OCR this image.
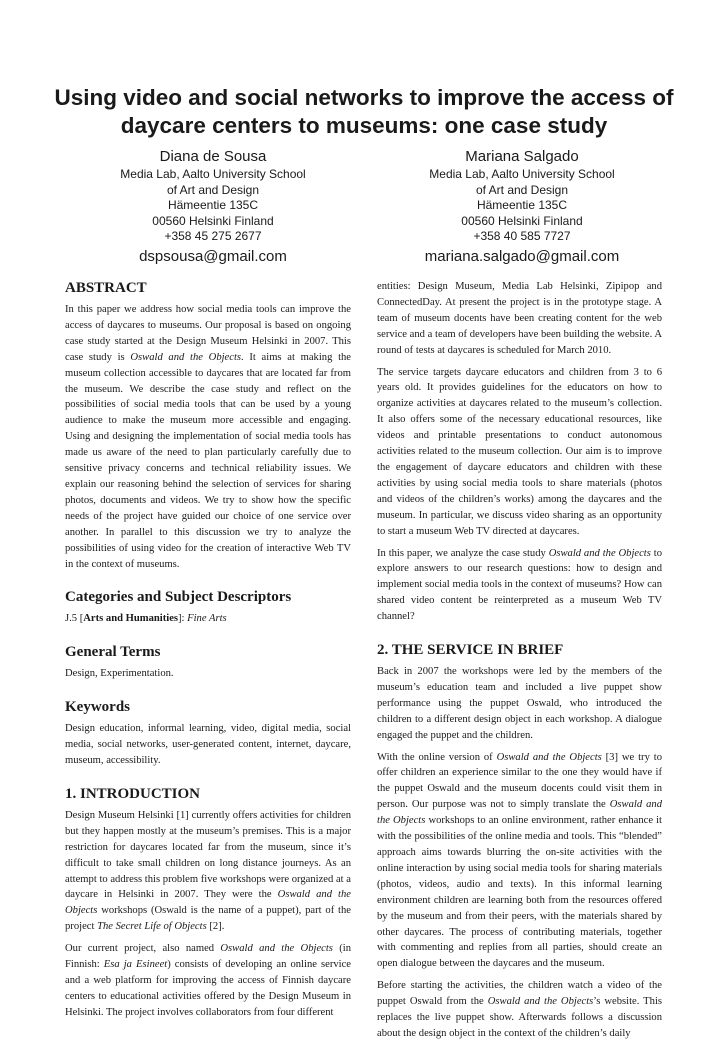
Using video and social networks to improve the access of daycare centers to museums: one case study

Diana de Sousa

Media Lab, Aalto University School

of Art and Design

Hämeentie 135C

00560 Helsinki Finland

+358 45 275 2677

dspsousa@gmail.com

Mariana Salgado

Media Lab, Aalto University School

of Art and Design

Hämeentie 135C

00560 Helsinki Finland

+358 40 585 7727

mariana.salgado@gmail.com

ABSTRACT

In this paper we address how social media tools can improve the access of daycares to museums. Our proposal is based on ongoing case study started at the Design Museum Helsinki in 2007. This case study is Oswald and the Objects. It aims at making the museum collection accessible to daycares that are located far from the museum. We describe the case study and reflect on the possibilities of social media tools that can be used by a young audience to make the museum more accessible and engaging. Using and designing the implementation of social media tools has made us aware of the need to plan particularly carefully due to sensitive privacy concerns and technical reliability issues. We explain our reasoning behind the selection of services for sharing photos, documents and videos. We try to show how the specific needs of the project have guided our choice of one service over another. In parallel to this discussion we try to analyze the possibilities of using video for the creation of interactive Web TV in the context of museums.

Categories and Subject Descriptors

J.5 [Arts and Humanities]: Fine Arts

General Terms

Design, Experimentation.

Keywords

Design education, informal learning, video, digital media, social media, social networks, user-generated content, internet, daycare, museum, accessibility.

1. INTRODUCTION

Design Museum Helsinki [1] currently offers activities for children but they happen mostly at the museum’s premises. This is a major restriction for daycares located far from the museum, since it’s difficult to take small children on long distance journeys. As an attempt to address this problem five workshops were organized at a daycare in Helsinki in 2007. They were the Oswald and the Objects workshops (Oswald is the name of a puppet), part of the project The Secret Life of Objects [2].

Our current project, also named Oswald and the Objects (in Finnish: Esa ja Esineet) consists of developing an online service and a web platform for improving the access of Finnish daycare centers to educational activities offered by the Design Museum in Helsinki. The project involves collaborators from four different

entities: Design Museum, Media Lab Helsinki, Zipipop and ConnectedDay. At present the project is in the prototype stage. A team of museum docents have been creating content for the web service and a team of developers have been building the website. A round of tests at daycares is scheduled for March 2010.

The service targets daycare educators and children from 3 to 6 years old. It provides guidelines for the educators on how to organize activities at daycares related to the museum’s collection. It also offers some of the necessary educational resources, like videos and printable presentations to conduct autonomous activities related to the museum collection. Our aim is to improve the engagement of daycare educators and children with these activities by using social media tools to share materials (photos and videos of the children’s works) among the daycares and the museum. In particular, we discuss video sharing as an opportunity to start a museum Web TV directed at daycares.

In this paper, we analyze the case study Oswald and the Objects to explore answers to our research questions: how to design and implement social media tools in the context of museums? How can shared video content be reinterpreted as a museum Web TV channel?

2. THE SERVICE IN BRIEF

Back in 2007 the workshops were led by the members of the museum’s education team and included a live puppet show performance using the puppet Oswald, who introduced the children to a different design object in each workshop. A dialogue engaged the puppet and the children.

With the online version of Oswald and the Objects [3] we try to offer children an experience similar to the one they would have if the puppet Oswald and the museum docents could visit them in person. Our purpose was not to simply translate the Oswald and the Objects workshops to an online environment, rather enhance it with the possibilities of the online media and tools. This “blended” approach aims towards blurring the on-site activities with the online interaction by using social media tools for sharing materials (photos, videos, audio and texts). In this informal learning environment children are learning both from the resources offered by the museum and from their peers, with the materials shared by other daycares. The process of contributing materials, together with commenting and replies from all parties, should create an open dialogue between the daycares and the museum.

Before starting the activities, the children watch a video of the puppet Oswald from the Oswald and the Objects’s website. This replaces the live puppet show. Afterwards follows a discussion about the design object in the context of the children’s daily
